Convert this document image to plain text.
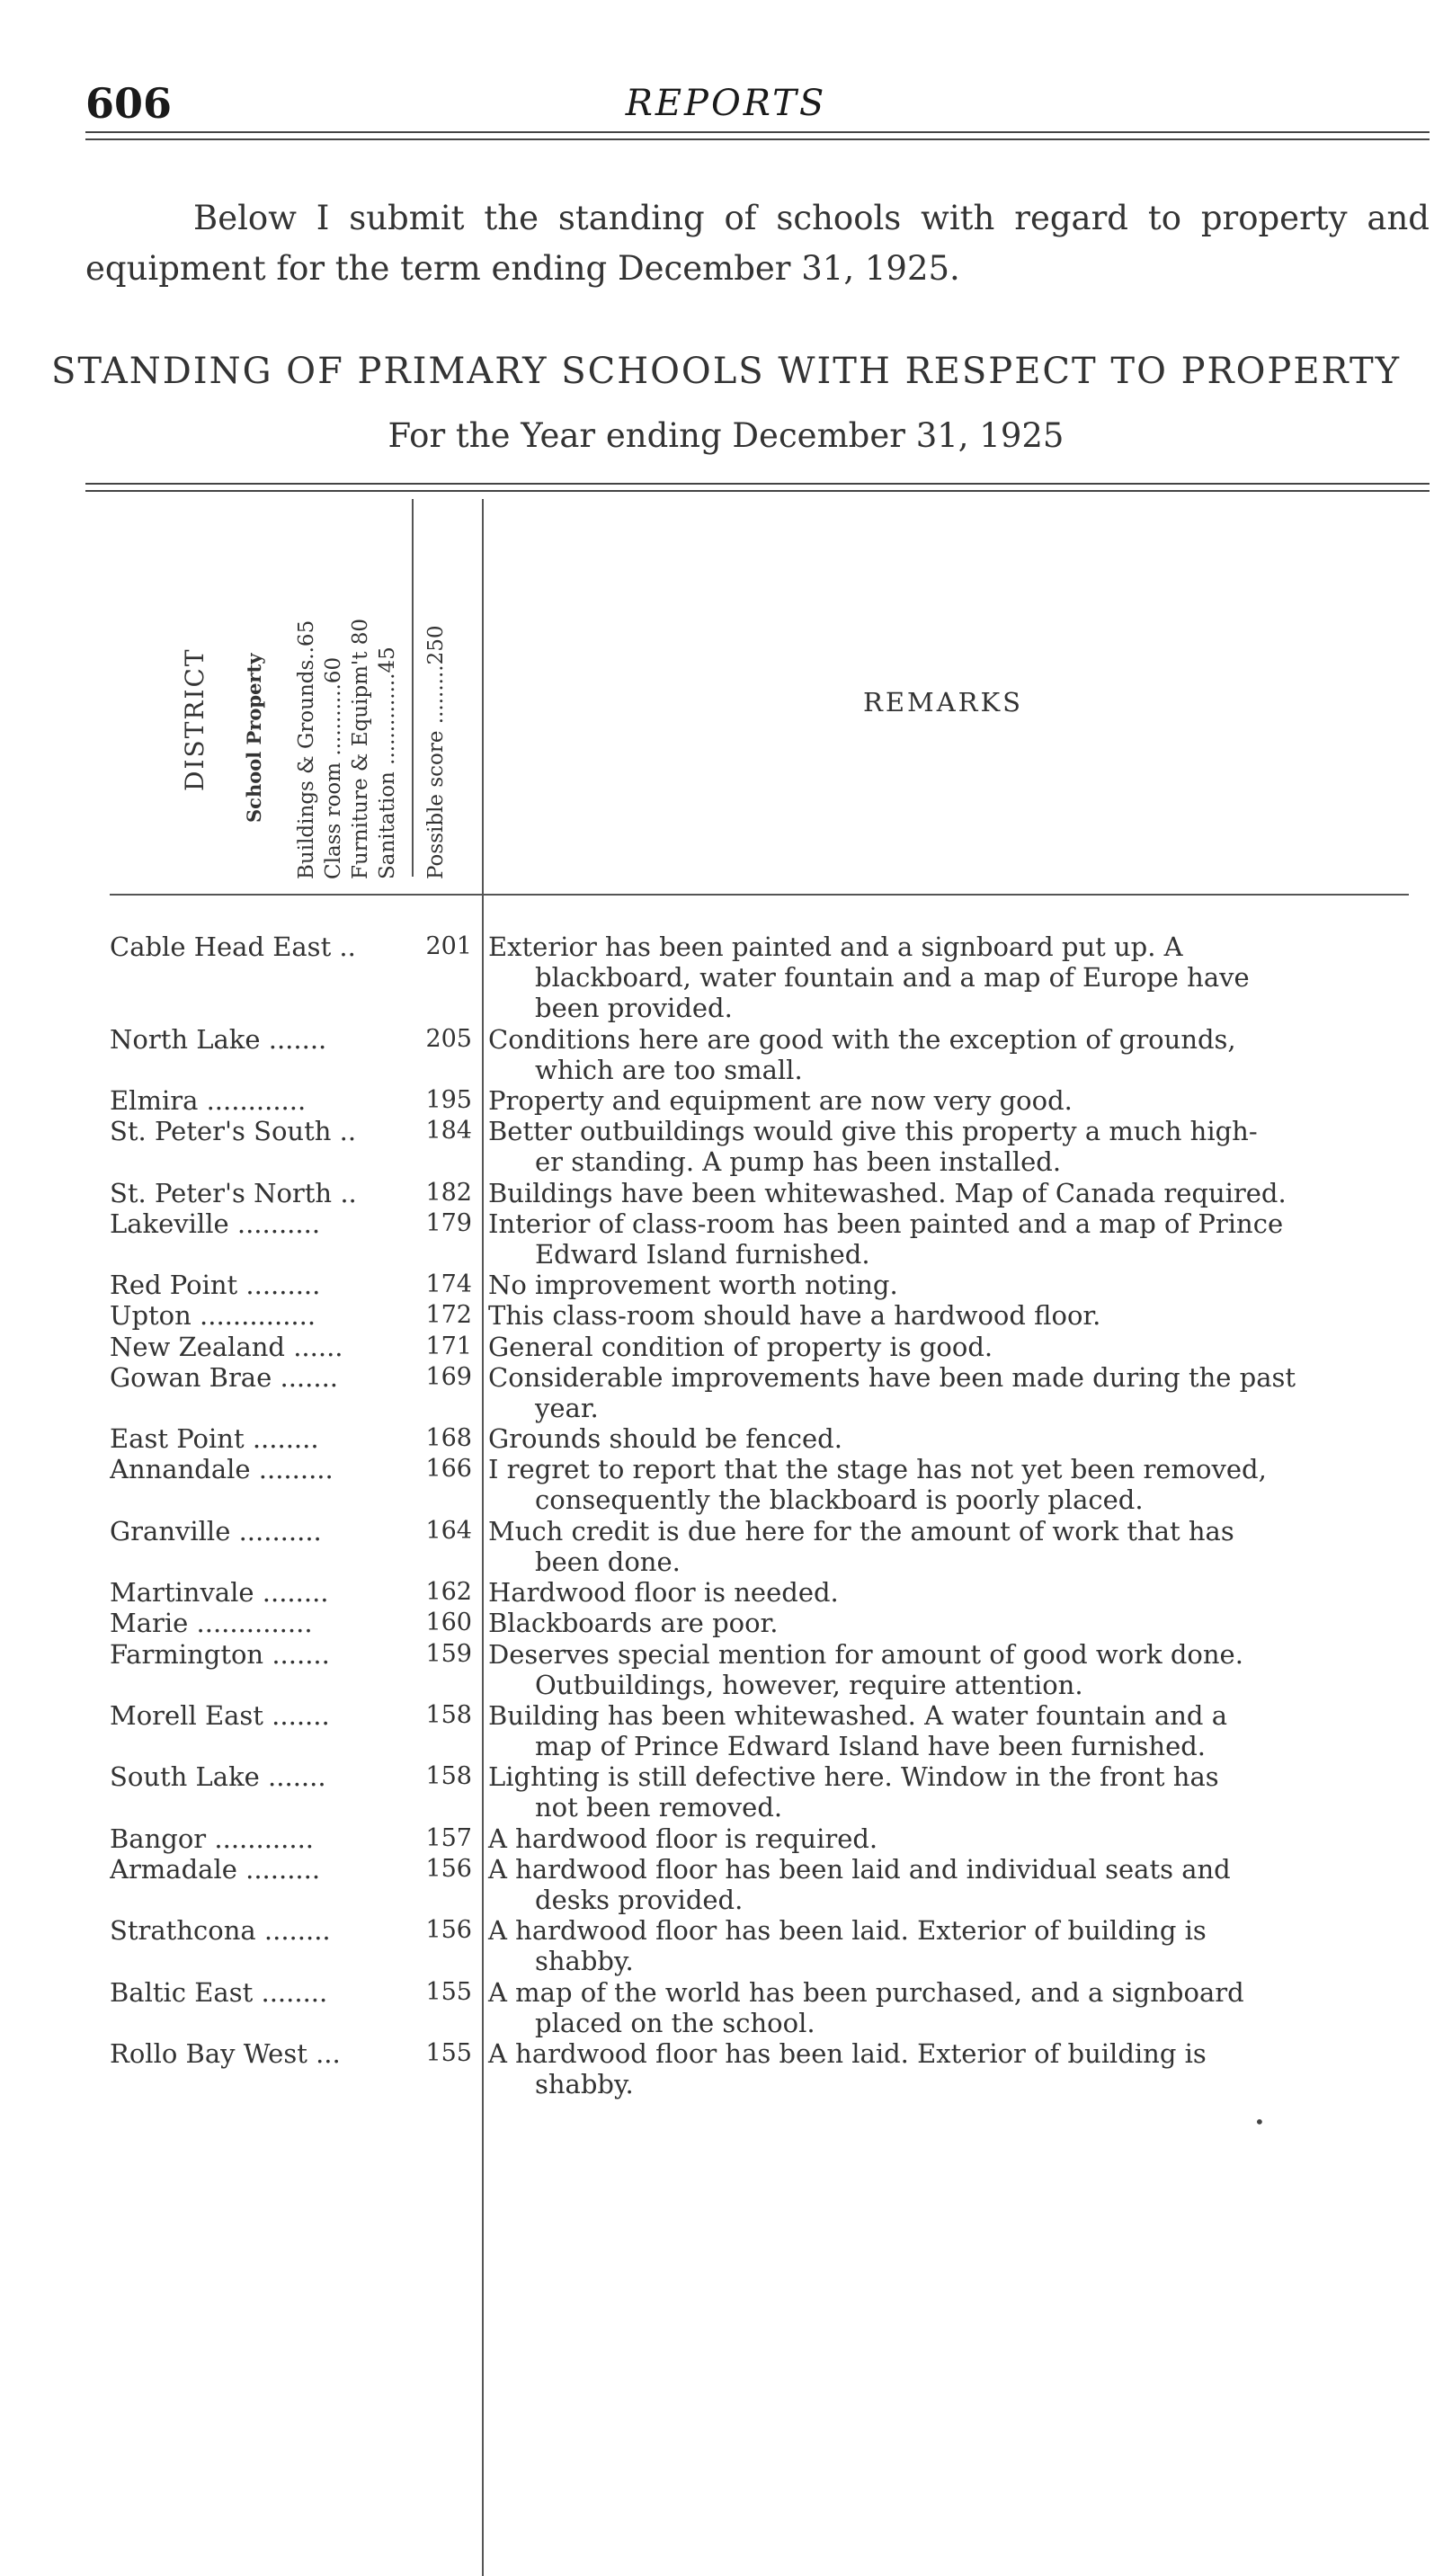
606	REPORTS
Below I submit the standing of schools with regard to property and equipment for the term ending December 31, 1925.
STANDING OF PRIMARY SCHOOLS WITH RESPECT TO PROPERTY
For the Year ending December 31, 1925
DISTRICT School Property Buildings & Grounds..65 Class room ...........60 Furniture & Equipm't 80 Sanitation ..............45 Possible score .........250	REMARKS
Cable Head East ..	201 Exterior has been painted and a signboard put up. A

blackboard, water fountain and a map of Europe have
been provided.
North Lake .......	205 Conditions here are good with the exception of grounds,

which are too small.
Elmira ............	195 Property and equipment are now very good.
St. Peter's South ..	184 Better outbuildings would give this property a much high-

er standing. A pump has been installed.
St. Peter's North ..	182 Buildings have been whitewashed. Map of Canada required.
Lakeville ..........	179 Interior of class-room has been painted and a map of Prince

Edward Island furnished.
Red Point .........	174 No improvement worth noting.
Upton ..............	172 This class-room should have a hardwood floor.
New Zealand ......	171 General condition of property is good.
Gowan Brae .......	169 Considerable improvements have been made during the past

year.
East Point ........	168 Grounds should be fenced.
Annandale .........	166 I regret to report that the stage has not yet been removed,

consequently the blackboard is poorly placed.
Granville ..........	164 Much credit is due here for the amount of work that has

been done.
Martinvale ........	162 Hardwood floor is needed.
Marie ..............	160 Blackboards are poor.
Farmington .......	159 Deserves special mention for amount of good work done.

Outbuildings, however, require attention.
Morell East .......	158 Building has been whitewashed. A water fountain and a

map of Prince Edward Island have been furnished.
South Lake .......	158 Lighting is still defective here. Window in the front has

not been removed.
Bangor ............	157 A hardwood floor is required.
Armadale .........	156 A hardwood floor has been laid and individual seats and

desks provided.
Strathcona ........	156 A hardwood floor has been laid. Exterior of building is

shabby.
Baltic East ........	155 A map of the world has been purchased, and a signboard

placed on the school.
Rollo Bay West ...	155 A hardwood floor has been laid. Exterior of building is

shabby.
•
